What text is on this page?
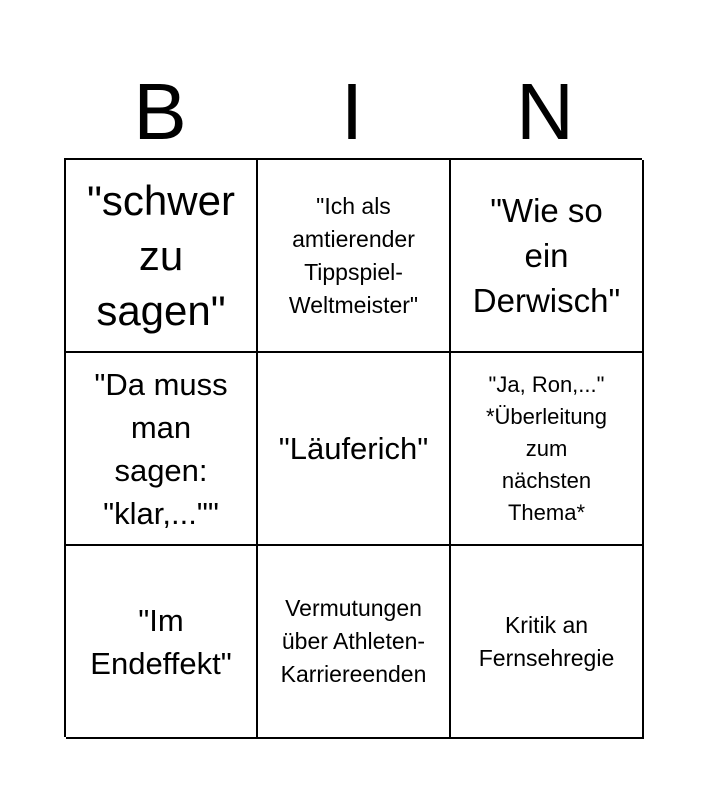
B	I	N
"schwer
zu
sagen"
"Ich als
amtierender
Tippspiel-
Weltmeister"
"Wie so
ein
Derwisch"
"Da muss
man
sagen:
"klar,...""
"Läuferich"
"Ja, Ron,..."
*Überleitung
zum
nächsten
Thema*
"Im
Endeffekt"
Vermutungen
über Athleten-
Karriereenden
Kritik an
Fernsehregie
